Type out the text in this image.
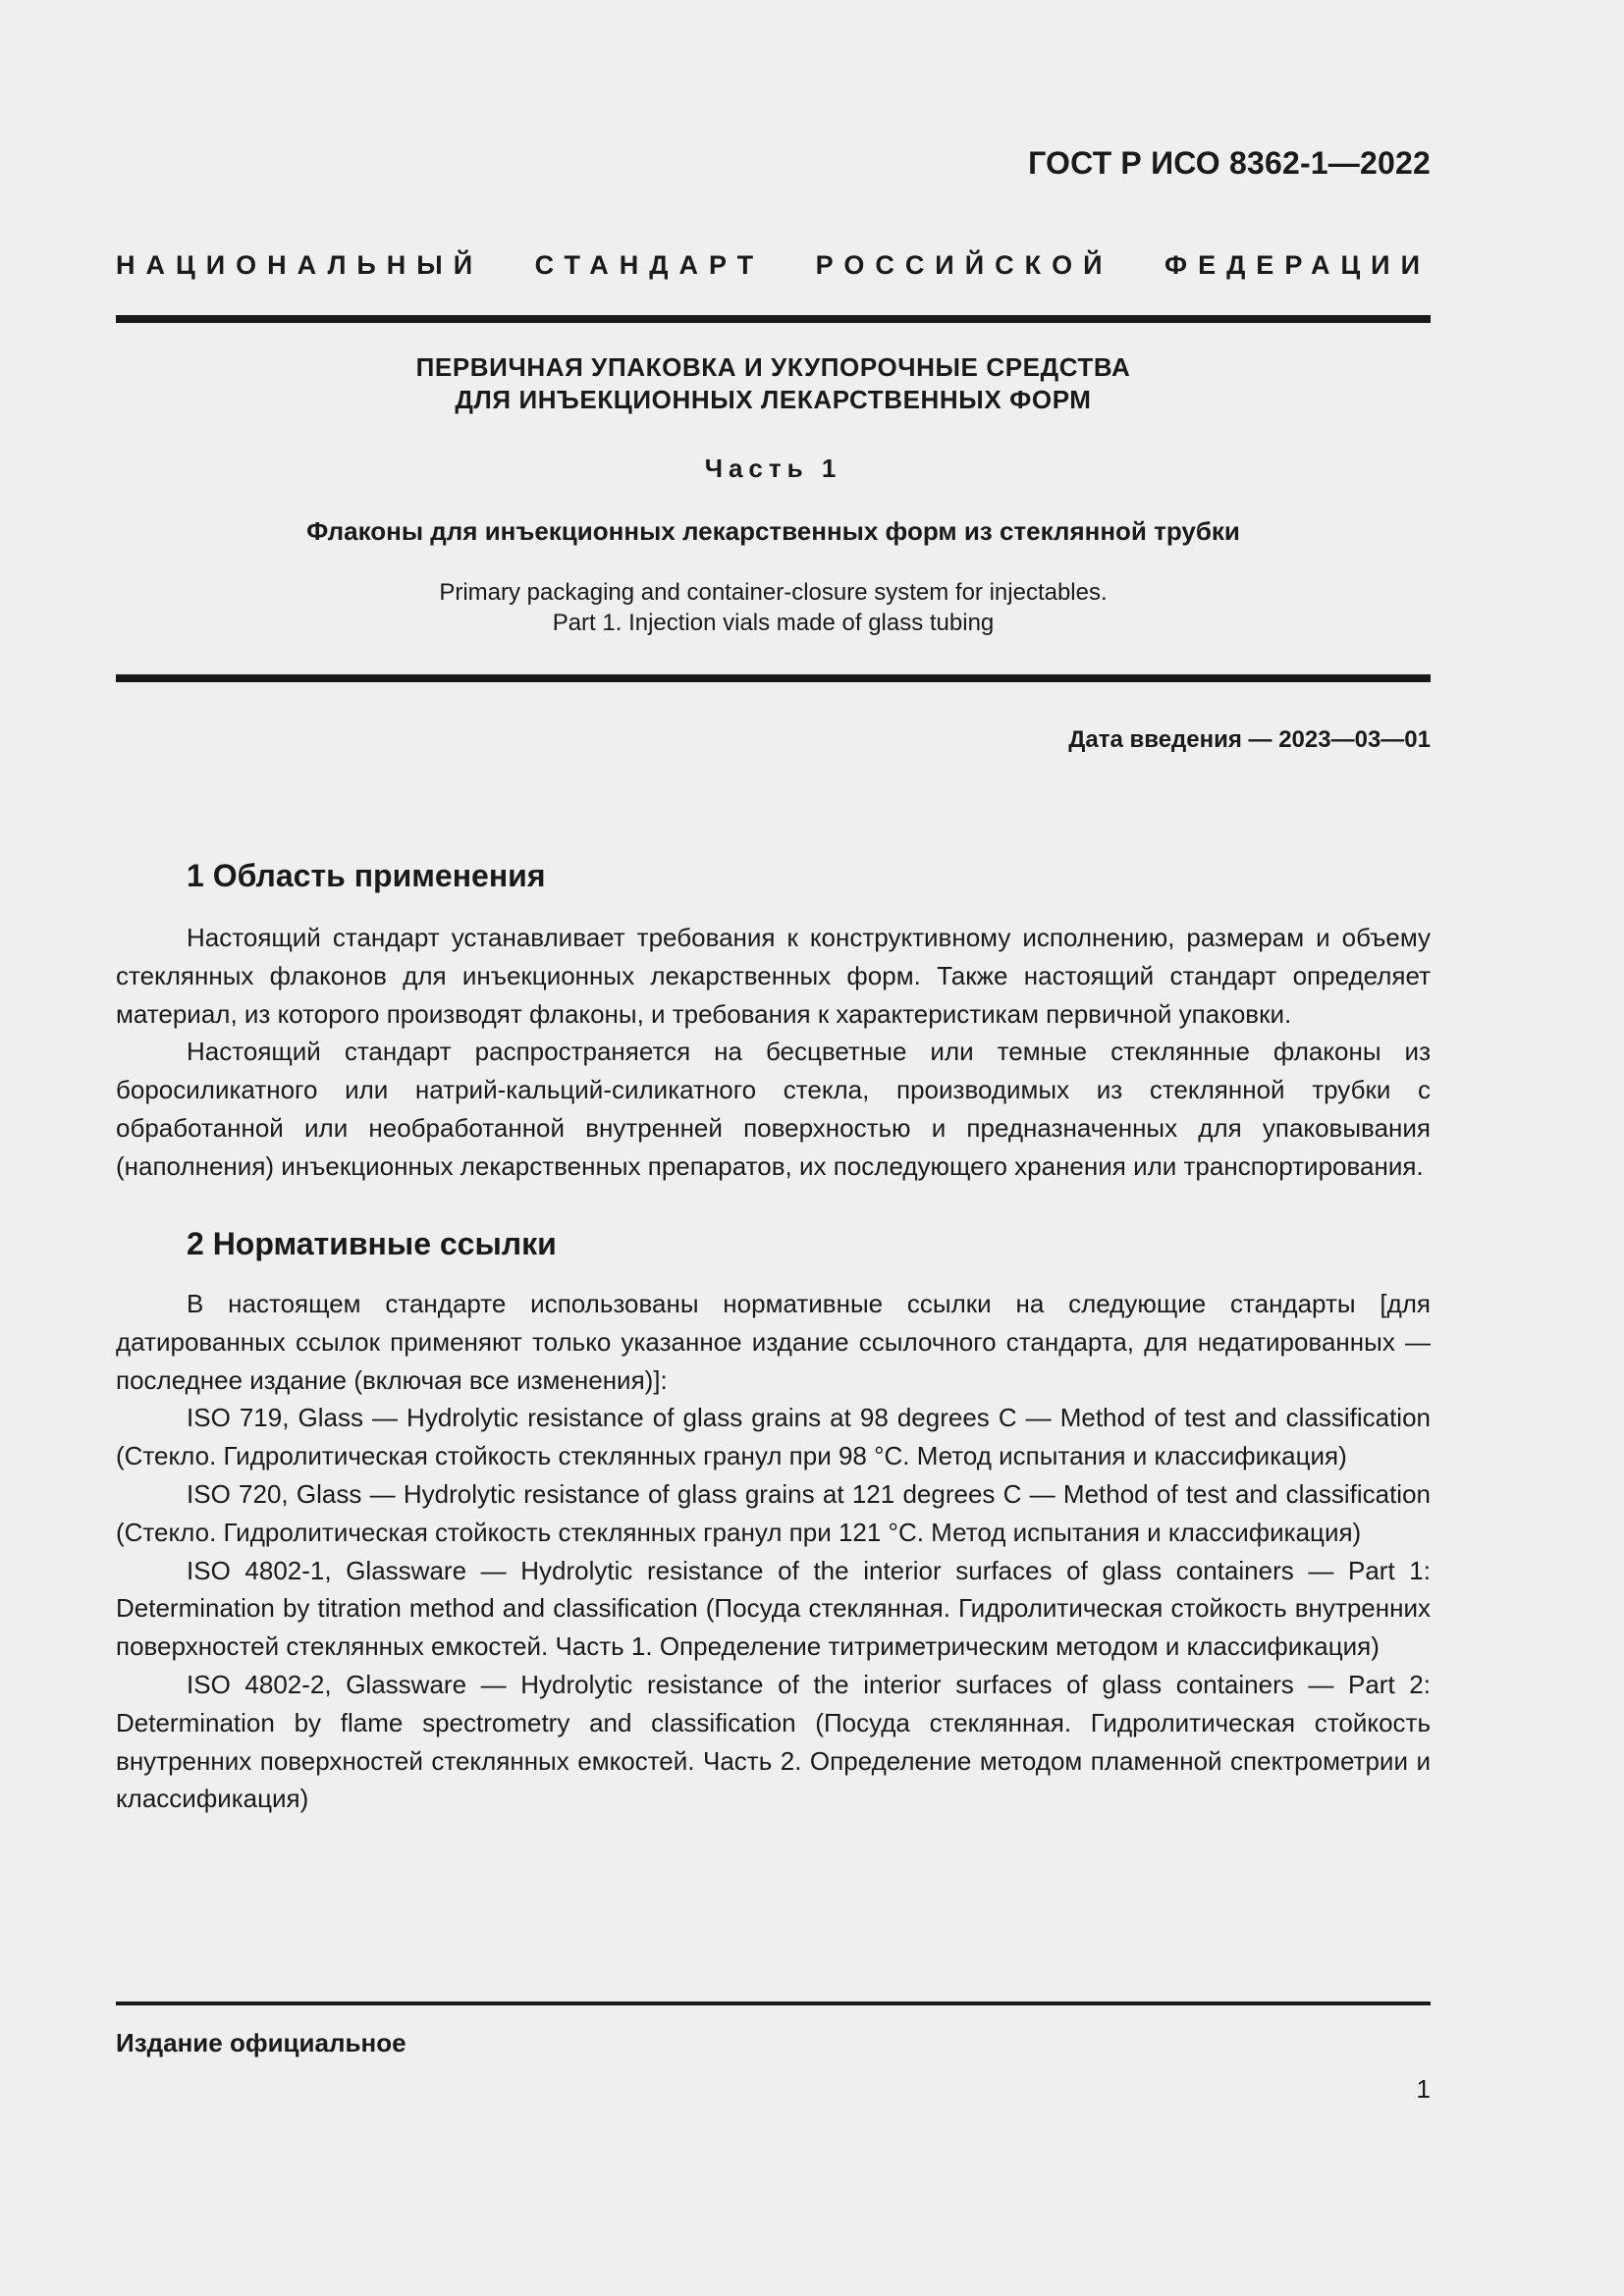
ГОСТ Р ИСО 8362-1—2022
НАЦИОНАЛЬНЫЙ СТАНДАРТ РОССИЙСКОЙ ФЕДЕРАЦИИ
ПЕРВИЧНАЯ УПАКОВКА И УКУПОРОЧНЫЕ СРЕДСТВА
ДЛЯ ИНЪЕКЦИОННЫХ ЛЕКАРСТВЕННЫХ ФОРМ
Часть 1
Флаконы для инъекционных лекарственных форм из стеклянной трубки
Primary packaging and container-closure system for injectables.
Part 1. Injection vials made of glass tubing
Дата введения — 2023—03—01
1 Область применения

Настоящий стандарт устанавливает требования к конструктивному исполнению, размерам и объему стеклянных флаконов для инъекционных лекарственных форм. Также настоящий стандарт определяет материал, из которого производят флаконы, и требования к характеристикам первичной упаковки.

Настоящий стандарт распространяется на бесцветные или темные стеклянные флаконы из боросиликатного или натрий-кальций-силикатного стекла, производимых из стеклянной трубки с обработанной или необработанной внутренней поверхностью и предназначенных для упаковывания (наполнения) инъекционных лекарственных препаратов, их последующего хранения или транспортирования.

2 Нормативные ссылки

В настоящем стандарте использованы нормативные ссылки на следующие стандарты [для датированных ссылок применяют только указанное издание ссылочного стандарта, для недатированных — последнее издание (включая все изменения)]:

ISO 719, Glass — Hydrolytic resistance of glass grains at 98 degrees C — Method of test and classification (Стекло. Гидролитическая стойкость стеклянных гранул при 98 °С. Метод испытания и классификация)

ISO 720, Glass — Hydrolytic resistance of glass grains at 121 degrees C — Method of test and classification (Стекло. Гидролитическая стойкость стеклянных гранул при 121 °С. Метод испытания и классификация)

ISO 4802-1, Glassware — Hydrolytic resistance of the interior surfaces of glass containers — Part 1: Determination by titration method and classification (Посуда стеклянная. Гидролитическая стойкость внутренних поверхностей стеклянных емкостей. Часть 1. Определение титриметрическим методом и классификация)

ISO 4802-2, Glassware — Hydrolytic resistance of the interior surfaces of glass containers — Part 2: Determination by flame spectrometry and classification (Посуда стеклянная. Гидролитическая стойкость внутренних поверхностей стеклянных емкостей. Часть 2. Определение методом пламенной спектрометрии и классификация)

Издание официальное
1
